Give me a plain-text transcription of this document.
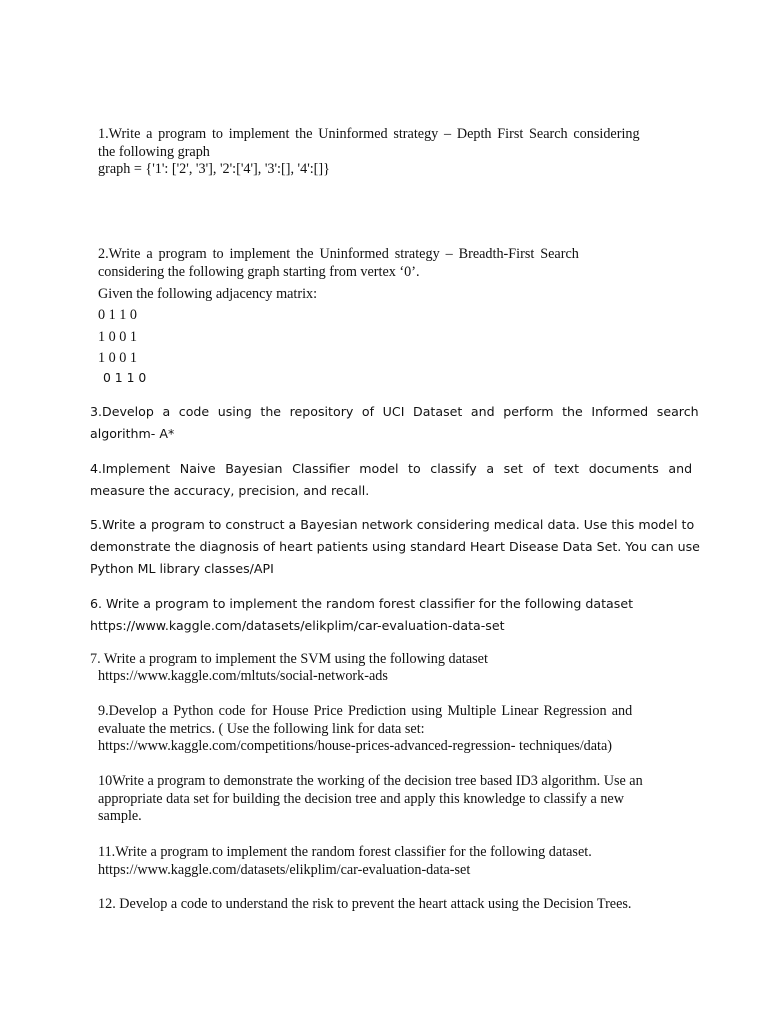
1.Write a program to implement the Uninformed strategy – Depth First Search considering
the following graph
graph = {'1': ['2', '3'], '2':['4'], '3':[], '4':[]}
2.Write a program to implement the Uninformed strategy – Breadth-First Search
considering the following graph starting from vertex ‘0’.
Given the following adjacency matrix:
0 1 1 0
1 0 0 1
1 0 0 1
0 1 1 0
3.Develop a code using the repository of UCI Dataset and perform the Informed search
algorithm- A*
4.Implement Naive Bayesian Classifier model to classify a set of text documents and
measure the accuracy, precision, and recall.
5.Write a program to construct a Bayesian network considering medical data. Use this model to
demonstrate the diagnosis of heart patients using standard Heart Disease Data Set. You can use
Python ML library classes/API
6. Write a program to implement the random forest classifier for the following dataset
https://www.kaggle.com/datasets/elikplim/car-evaluation-data-set
7. Write a program to implement the SVM using the following dataset
https://www.kaggle.com/mltuts/social-network-ads
9.Develop a Python code for House Price Prediction using Multiple Linear Regression and
evaluate the metrics. ( Use the following link for data set:
https://www.kaggle.com/competitions/house-prices-advanced-regression- techniques/data)
10Write a program to demonstrate the working of the decision tree based ID3 algorithm. Use an
appropriate data set for building the decision tree and apply this knowledge to classify a new
sample.
11.Write a program to implement the random forest classifier for the following dataset.
https://www.kaggle.com/datasets/elikplim/car-evaluation-data-set
12. Develop a code to understand the risk to prevent the heart attack using the Decision Trees.
